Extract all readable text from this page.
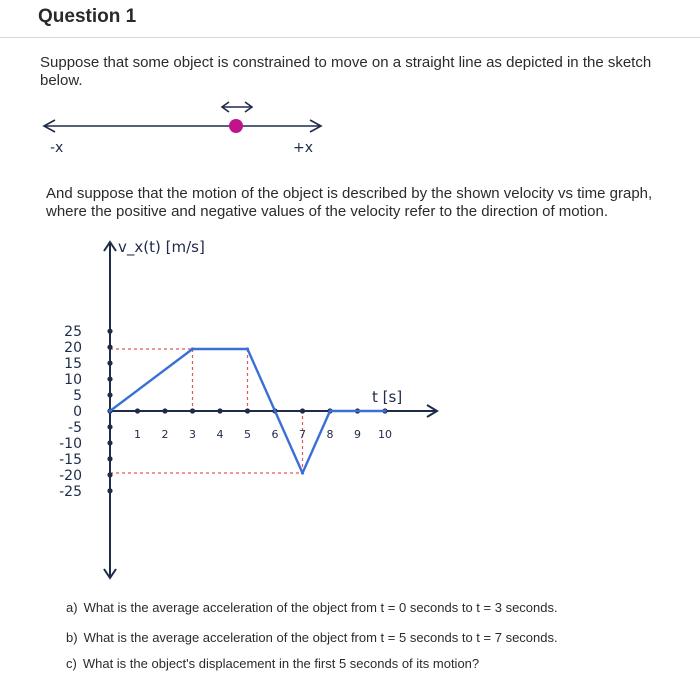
Question 1
Suppose that some object is constrained to move on a straight line as depicted in the sketch below.
-x	+x
25
20
15
10
5
0
-5
-10
-15
-20
-25
1 2 3 4 5 6 7 8 9 10
v_x(t) [m/s]
t [s]
And suppose that the motion of the object is described by the shown velocity vs time graph, where the positive and negative values of the velocity refer to the direction of motion.
a) What is the average acceleration of the object from t = 0 seconds to t = 3 seconds.
b) What is the average acceleration of the object from t = 5 seconds to t = 7 seconds.
c) What is the object's displacement in the first 5 seconds of its motion?
